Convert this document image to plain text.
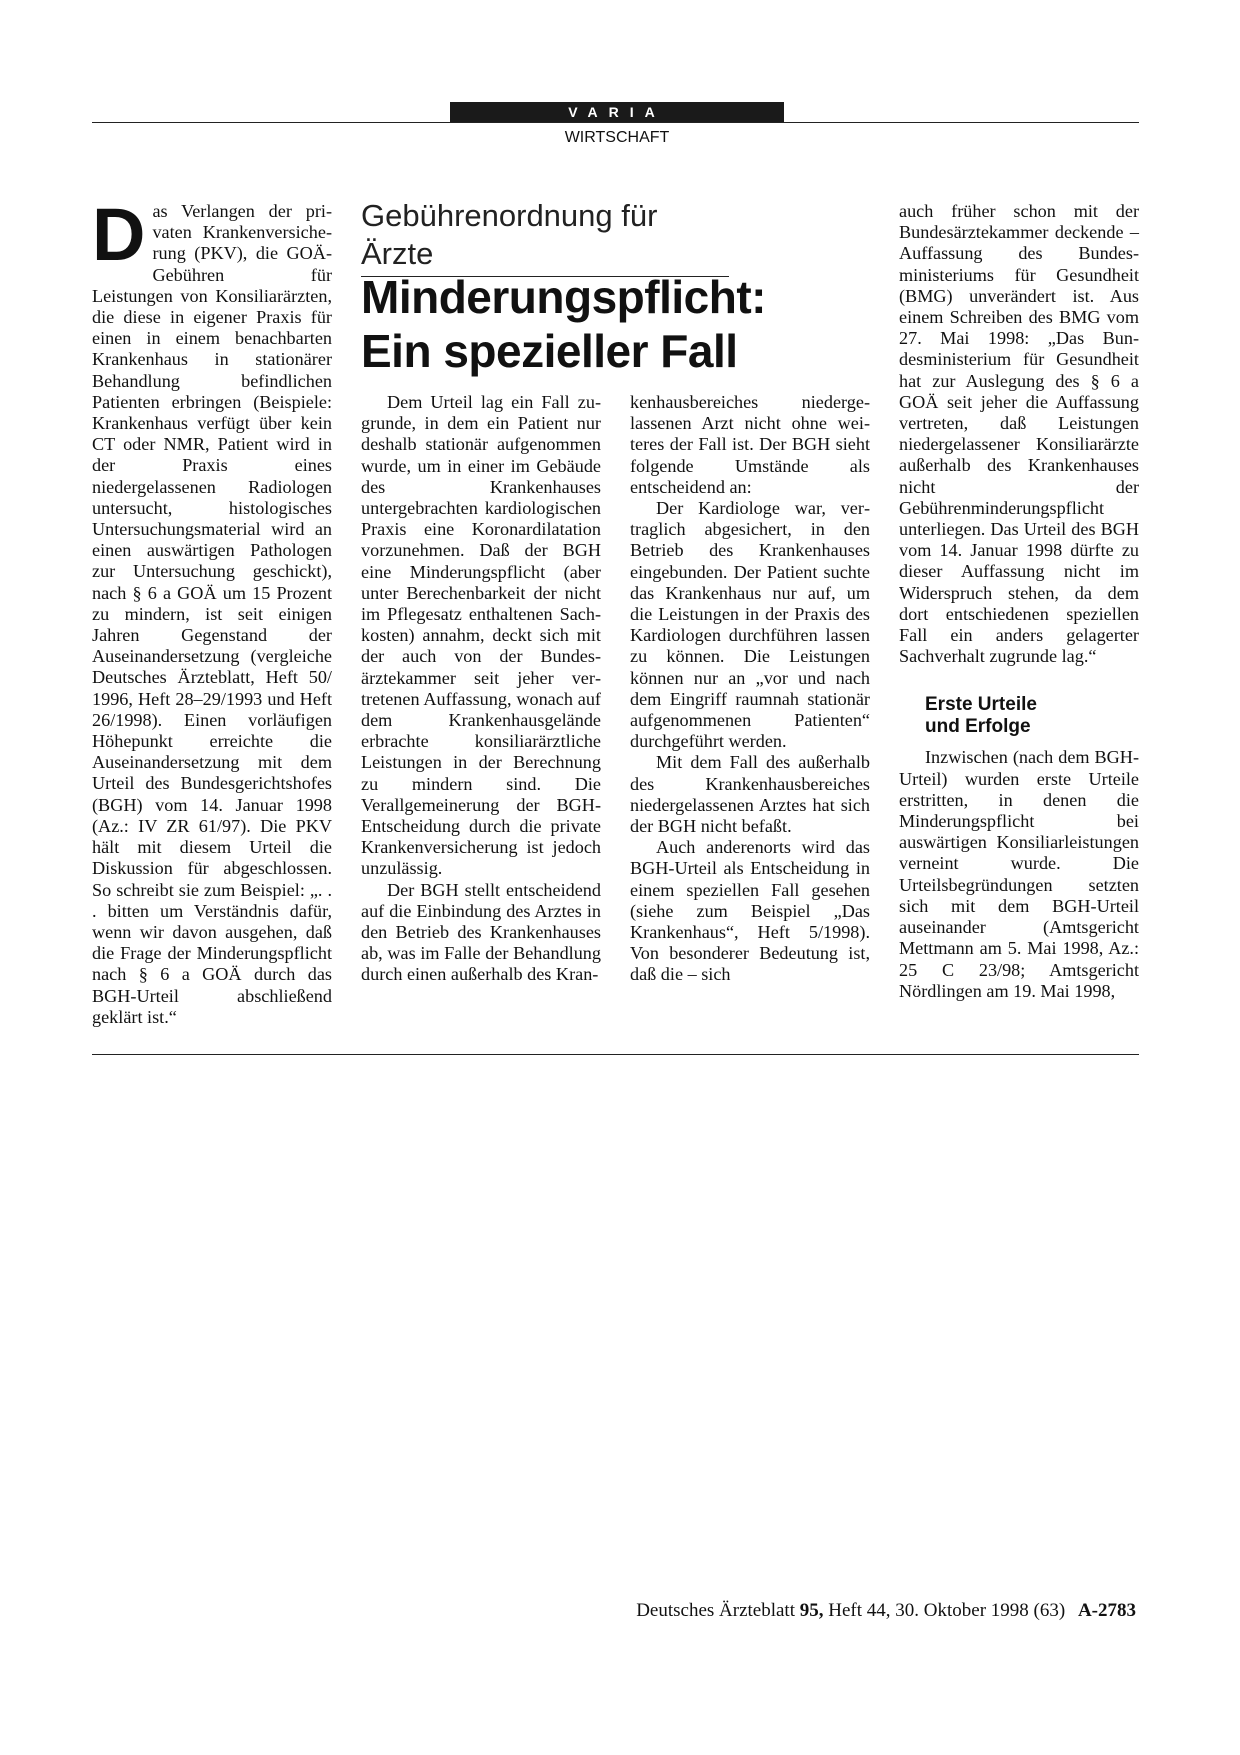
VARIA
WIRTSCHAFT

D as Verlangen der privaten Krankenversicherung (PKV), die GOÄ-Gebühren für Leistungen von Konsiliarärzten, die diese in eigener Praxis für einen in einem benachbarten Krankenhaus in stationärer Behandlung befindlichen Patienten erbringen (Beispiele: Krankenhaus verfügt über kein CT oder NMR, Patient wird in der Praxis eines niedergelassenen Radiologen untersucht, histologisches Untersuchungsmaterial wird an einen auswärtigen Pathologen zur Untersuchung geschickt), nach § 6 a GOÄ um 15 Prozent zu mindern, ist seit einigen Jahren Gegenstand der Auseinandersetzung (vergleiche Deutsches Ärzteblatt, Heft 50/ 1996, Heft 28–29/1993 und Heft 26/1998). Einen vorläufigen Höhepunkt erreichte die Auseinandersetzung mit dem Urteil des Bundesgerichtshofes (BGH) vom 14. Januar 1998 (Az.: IV ZR 61/97). Die PKV hält mit diesem Urteil die Diskussion für abgeschlossen. So schreibt sie zum Beispiel: „. . . bitten um Verständnis dafür, wenn wir davon ausgehen, daß die Frage der Minderungspflicht nach § 6 a GOÄ durch das BGH-Urteil abschließend geklärt ist.“

Gebührenordnung für Ärzte
Minderungspflicht:
Ein spezieller Fall

Dem Urteil lag ein Fall zugrunde, in dem ein Patient nur deshalb stationär aufgenommen wurde, um in einer im Gebäude des Krankenhauses untergebrachten kardiologischen Praxis eine Koronardilatation vorzunehmen. Daß der BGH eine Minderungspflicht (aber unter Berechenbarkeit der nicht im Pflegesatz enthaltenen Sachkosten) annahm, deckt sich mit der auch von der Bundesärztekammer seit jeher vertretenen Auffassung, wonach auf dem Krankenhausgelände erbrachte konsiliarärztliche Leistungen in der Berechnung zu mindern sind. Die Verallgemeinerung der BGH-Entscheidung durch die private Krankenversicherung ist jedoch unzulässig.

Der BGH stellt entscheidend auf die Einbindung des Arztes in den Betrieb des Krankenhauses ab, was im Falle der Behandlung durch einen außerhalb des Kran-

kenhausbereiches niedergelassenen Arzt nicht ohne weiteres der Fall ist. Der BGH sieht folgende Umstände als entscheidend an:

Der Kardiologe war, vertraglich abgesichert, in den Betrieb des Krankenhauses eingebunden. Der Patient suchte das Krankenhaus nur auf, um die Leistungen in der Praxis des Kardiologen durchführen lassen zu können. Die Leistungen können nur an „vor und nach dem Eingriff raumnah stationär aufgenommenen Patienten“ durchgeführt werden.

Mit dem Fall des außerhalb des Krankenhausbereiches niedergelassenen Arztes hat sich der BGH nicht befaßt.

Auch anderenorts wird das BGH-Urteil als Entscheidung in einem speziellen Fall gesehen (siehe zum Beispiel „Das Krankenhaus“, Heft 5/1998). Von besonderer Bedeutung ist, daß die – sich

auch früher schon mit der Bundesärztekammer deckende – Auffassung des Bundesministeriums für Gesundheit (BMG) unverändert ist. Aus einem Schreiben des BMG vom 27. Mai 1998: „Das Bundesministerium für Gesundheit hat zur Auslegung des § 6 a GOÄ seit jeher die Auffassung vertreten, daß Leistungen niedergelassener Konsiliarärzte außerhalb des Krankenhauses nicht der Gebührenminderungspflicht unterliegen. Das Urteil des BGH vom 14. Januar 1998 dürfte zu dieser Auffassung nicht im Widerspruch stehen, da dem dort entschiedenen speziellen Fall ein anders gelagerter Sachverhalt zugrunde lag.“

Erste Urteile
und Erfolge

Inzwischen (nach dem BGH-Urteil) wurden erste Urteile erstritten, in denen die Minderungspflicht bei auswärtigen Konsiliarleistungen verneint wurde. Die Urteilsbegründungen setzten sich mit dem BGH-Urteil auseinander (Amtsgericht Mettmann am 5. Mai 1998, Az.: 25 C 23/98; Amtsgericht Nördlingen am 19. Mai 1998,

Deutsches Ärzteblatt 95, Heft 44, 30. Oktober 1998 (63) A-2783
